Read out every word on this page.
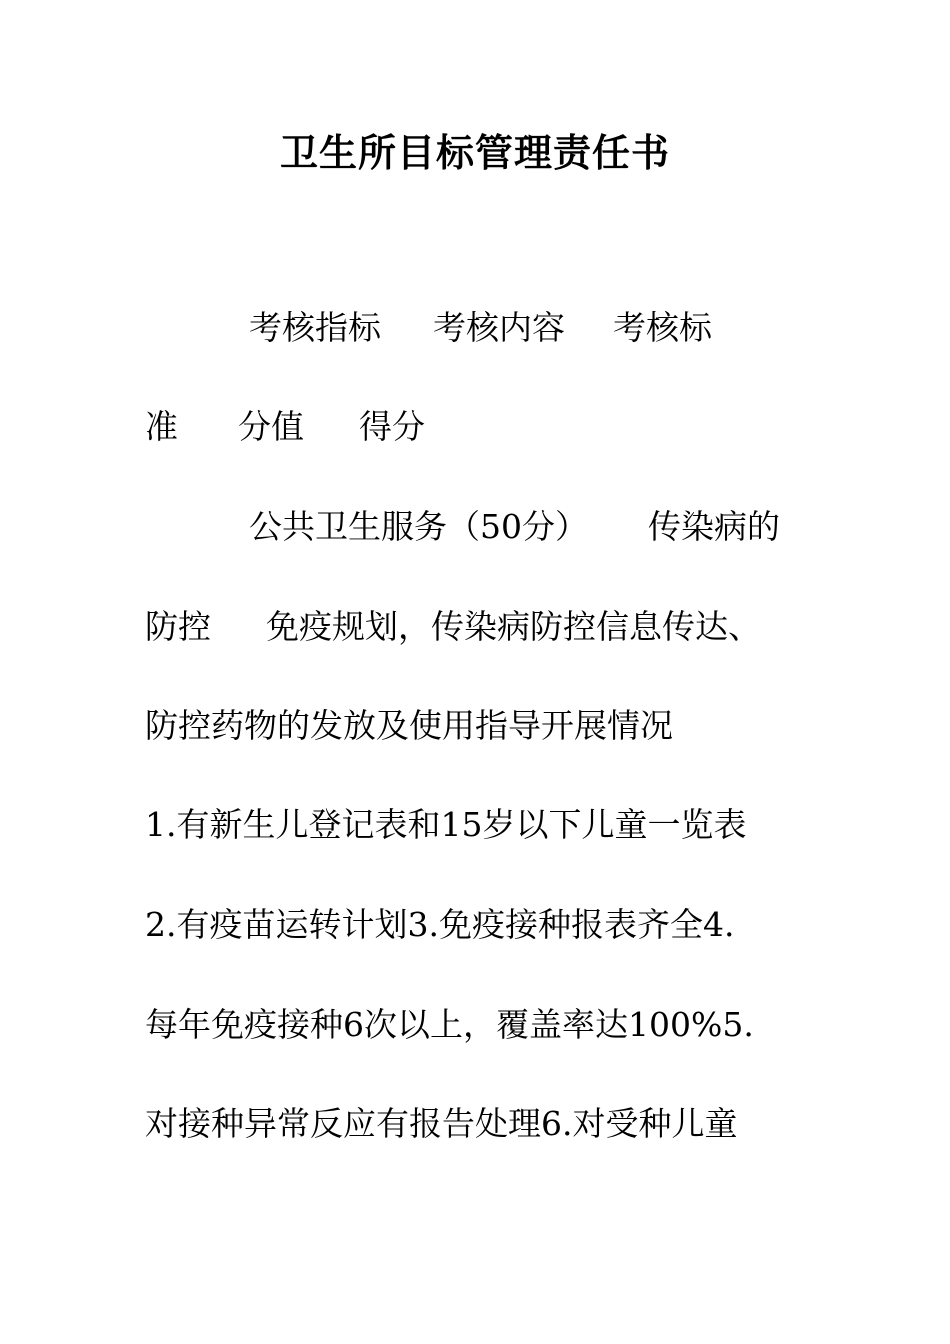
卫生所目标管理责任书
考核指标 考核内容 考核标
准 分值 得分
公共卫生服务（50分） 传染病的
防控 免疫规划，传染病防控信息传达、
防控药物的发放及使用指导开展情况
1.有新生儿登记表和15岁以下儿童一览表
2.有疫苗运转计划3.免疫接种报表齐全4.
每年免疫接种6次以上，覆盖率达100%5.
对接种异常反应有报告处理6.对受种儿童
